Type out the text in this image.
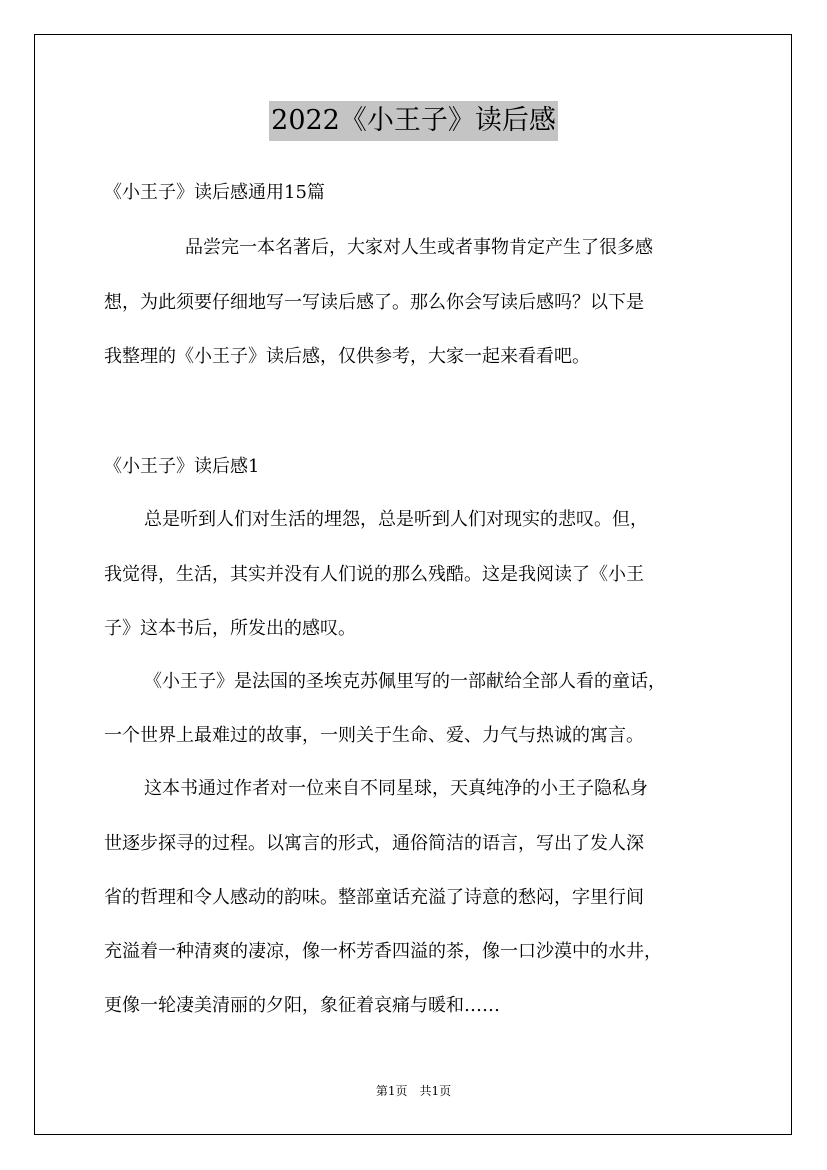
2022《小王子》读后感
《小王子》读后感通用15篇
品尝完一本名著后，大家对人生或者事物肯定产生了很多感
想，为此须要仔细地写一写读后感了。那么你会写读后感吗？以下是
我整理的《小王子》读后感，仅供参考，大家一起来看看吧。
《小王子》读后感1
总是听到人们对生活的埋怨，总是听到人们对现实的悲叹。但，
我觉得，生活，其实并没有人们说的那么残酷。这是我阅读了《小王
子》这本书后，所发出的感叹。
《小王子》是法国的圣埃克苏佩里写的一部献给全部人看的童话，
一个世界上最难过的故事，一则关于生命、爱、力气与热诚的寓言。
这本书通过作者对一位来自不同星球，天真纯净的小王子隐私身
世逐步探寻的过程。以寓言的形式，通俗简洁的语言，写出了发人深
省的哲理和令人感动的韵味。整部童话充溢了诗意的愁闷，字里行间
充溢着一种清爽的凄凉，像一杯芳香四溢的茶，像一口沙漠中的水井，
更像一轮凄美清丽的夕阳，象征着哀痛与暖和……
第1页　共1页
